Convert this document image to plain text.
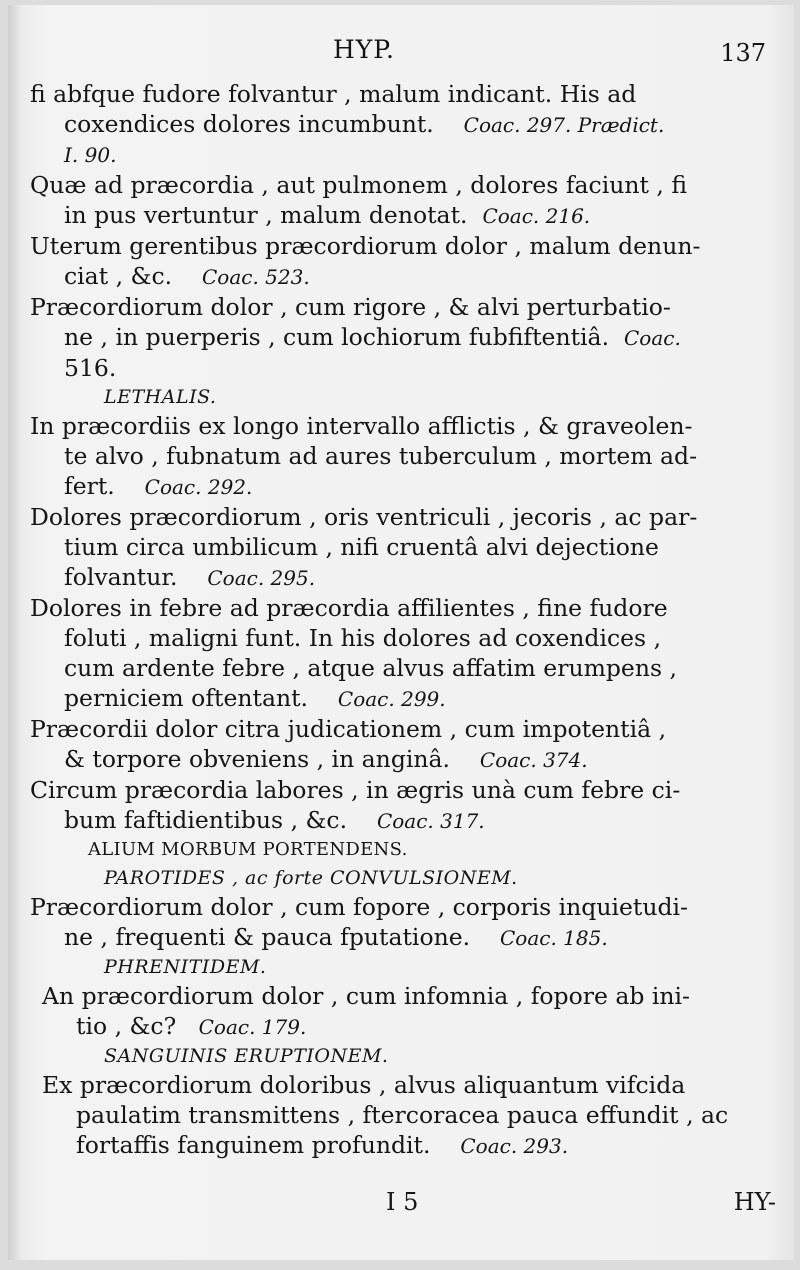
HYP.	137

fi abfque fudore folvantur , malum indicant. His ad
coxendices dolores incumbunt. Coac. 297. Prædict.
I. 90.

Quæ ad præcordia , aut pulmonem , dolores faciunt , fi
in pus vertuntur , malum denotat. Coac. 216.

Uterum gerentibus præcordiorum dolor , malum denun-
ciat , &c. Coac. 523.

Præcordiorum dolor , cum rigore , & alvi perturbatio-
ne , in puerperis , cum lochiorum fubfiftentiâ. Coac.
516.

LETHALIS.

In præcordiis ex longo intervallo afflictis , & graveolen-
te alvo , fubnatum ad aures tuberculum , mortem ad-
fert. Coac. 292.

Dolores præcordiorum , oris ventriculi , jecoris , ac par-
tium circa umbilicum , nifi cruentâ alvi dejectione
folvantur. Coac. 295.

Dolores in febre ad præcordia affilientes , fine fudore
foluti , maligni funt. In his dolores ad coxendices ,
cum ardente febre , atque alvus affatim erumpens ,
perniciem oftentant. Coac. 299.

Præcordii dolor citra judicationem , cum impotentiâ ,
& torpore obveniens , in anginâ. Coac. 374.

Circum præcordia labores , in ægris unà cum febre ci-
bum faftidientibus , &c. Coac. 317.

ALIUM MORBUM PORTENDENS.
PAROTIDES , ac forte CONVULSIONEM.

Præcordiorum dolor , cum fopore , corporis inquietudi-
ne , frequenti & pauca fputatione. Coac. 185.

PHRENITIDEM.

An præcordiorum dolor , cum infomnia , fopore ab ini-
tio , &c? Coac. 179.

SANGUINIS ERUPTIONEM.

Ex præcordiorum doloribus , alvus aliquantum vifcida
paulatim transmittens , ftercoracea pauca effundit , ac
fortaffis fanguinem profundit. Coac. 293.

I 5	HY-
